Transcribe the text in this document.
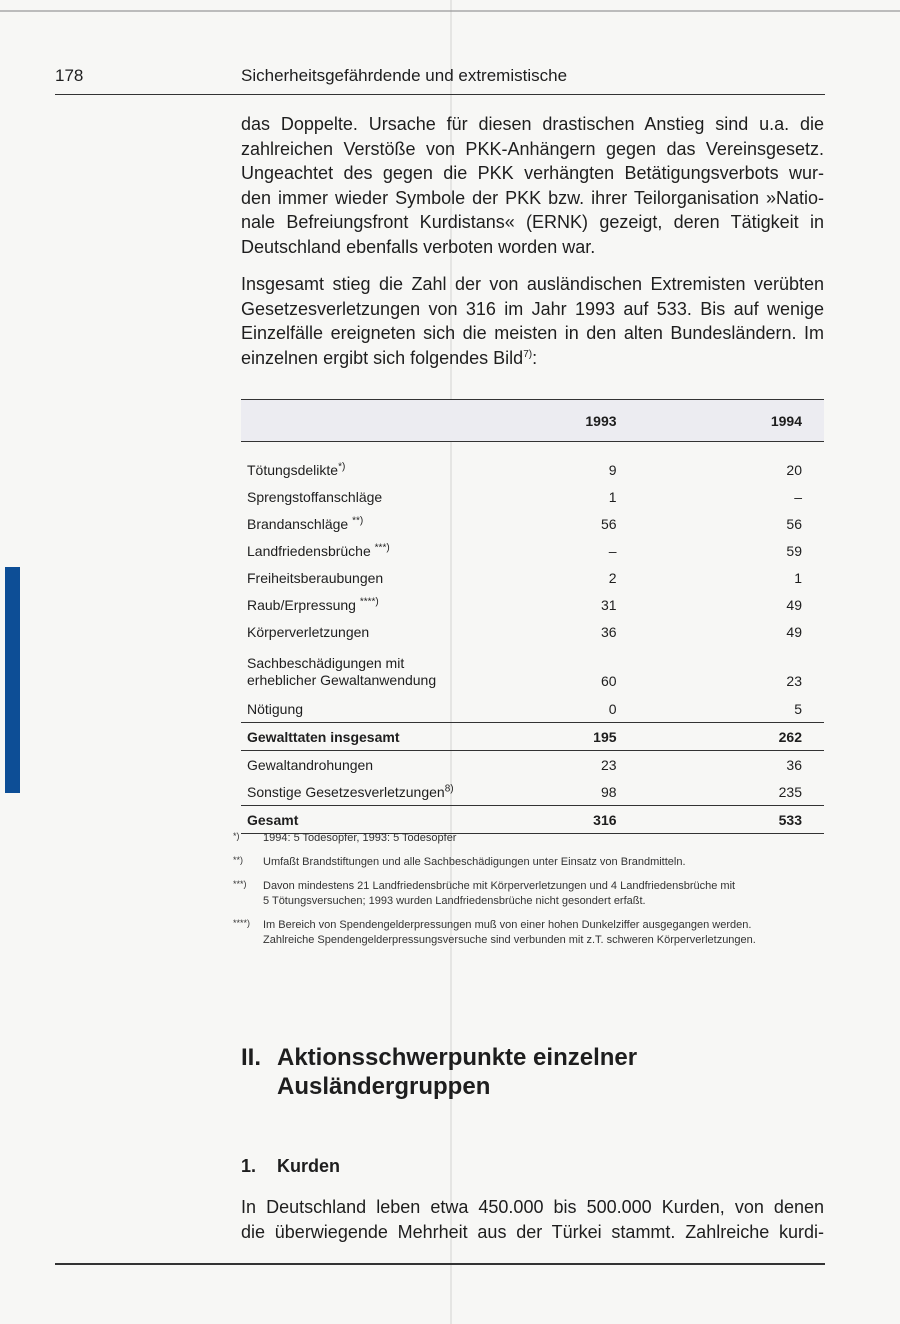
178	Sicherheitsgefährdende und extremistische

das Doppelte. Ursache für diesen drastischen Anstieg sind u.a. die
zahlreichen Verstöße von PKK-Anhängern gegen das Vereinsgesetz.
Ungeachtet des gegen die PKK verhängten Betätigungsverbots wur-
den immer wieder Symbole der PKK bzw. ihrer Teilorganisation »Natio-
nale Befreiungsfront Kurdistans« (ERNK) gezeigt, deren Tätigkeit in
Deutschland ebenfalls verboten worden war.

Insgesamt stieg die Zahl der von ausländischen Extremisten verübten
Gesetzesverletzungen von 316 im Jahr 1993 auf 533. Bis auf wenige
Einzelfälle ereigneten sich die meisten in den alten Bundesländern. Im
einzelnen ergibt sich folgendes Bild$^{7)}$:

	1993	1994

Tötungsdelikte*)	9	20
Sprengstoffanschläge	1	–
Brandanschläge **)	56	56
Landfriedensbrüche ***)	–	59
Freiheitsberaubungen	2	1
Raub/Erpressung ****)	31	49
Körperverletzungen	36	49
Sachbeschädigungen mit
erheblicher Gewaltanwendung	60	23
Nötigung	0	5
Gewalttaten insgesamt	195	262
Gewaltandrohungen	23	36
Sonstige Gesetzesverletzungen$^{8)}$	98	235
Gesamt	316	533
*)	1994: 5 Todesopfer, 1993: 5 Todesopfer
**)	Umfaßt Brandstiftungen und alle Sachbeschädigungen unter Einsatz von Brandmitteln.
***)	Davon mindestens 21 Landfriedensbrüche mit Körperverletzungen und 4 Landfriedensbrüche mit
5 Tötungsversuchen; 1993 wurden Landfriedensbrüche nicht gesondert erfaßt.
****)	Im Bereich von Spendengelderpressungen muß von einer hohen Dunkelziffer ausgegangen werden.
Zahlreiche Spendengelderpressungsversuche sind verbunden mit z.T. schweren Körperverletzungen.
II. Aktionsschwerpunkte einzelner
Ausländergruppen
1. Kurden

In Deutschland leben etwa 450.000 bis 500.000 Kurden, von denen
die überwiegende Mehrheit aus der Türkei stammt. Zahlreiche kurdi-
